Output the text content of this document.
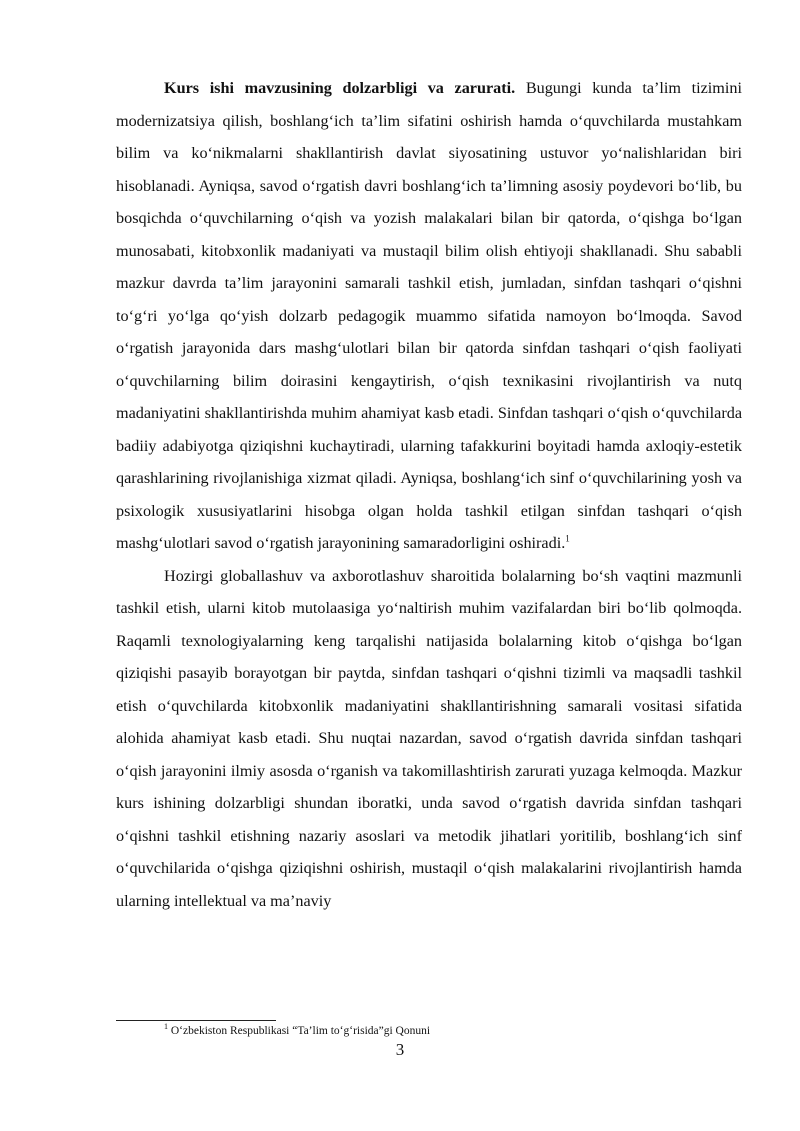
Kurs ishi mavzusining dolzarbligi va zarurati. Bugungi kunda ta’lim tizimini modernizatsiya qilish, boshlang‘ich ta’lim sifatini oshirish hamda o‘quvchilarda mustahkam bilim va ko‘nikmalarni shakllantirish davlat siyosatining ustuvor yo‘nalishlaridan biri hisoblanadi. Ayniqsa, savod o‘rgatish davri boshlang‘ich ta’limning asosiy poydevori bo‘lib, bu bosqichda o‘quvchilarning o‘qish va yozish malakalari bilan bir qatorda, o‘qishga bo‘lgan munosabati, kitobxonlik madaniyati va mustaqil bilim olish ehtiyoji shakllanadi. Shu sababli mazkur davrda ta’lim jarayonini samarali tashkil etish, jumladan, sinfdan tashqari o‘qishni to‘g‘ri yo‘lga qo‘yish dolzarb pedagogik muammo sifatida namoyon bo‘lmoqda. Savod o‘rgatish jarayonida dars mashg‘ulotlari bilan bir qatorda sinfdan tashqari o‘qish faoliyati o‘quvchilarning bilim doirasini kengaytirish, o‘qish texnikasini rivojlantirish va nutq madaniyatini shakllantirishda muhim ahamiyat kasb etadi. Sinfdan tashqari o‘qish o‘quvchilarda badiiy adabiyotga qiziqishni kuchaytiradi, ularning tafakkurini boyitadi hamda axloqiy-estetik qarashlarining rivojlanishiga xizmat qiladi. Ayniqsa, boshlang‘ich sinf o‘quvchilarining yosh va psixologik xususiyatlarini hisobga olgan holda tashkil etilgan sinfdan tashqari o‘qish mashg‘ulotlari savod o‘rgatish jarayonining samaradorligini oshiradi.$^1$

Hozirgi globallashuv va axborotlashuv sharoitida bolalarning bo‘sh vaqtini mazmunli tashkil etish, ularni kitob mutolaasiga yo‘naltirish muhim vazifalardan biri bo‘lib qolmoqda. Raqamli texnologiyalarning keng tarqalishi natijasida bolalarning kitob o‘qishga bo‘lgan qiziqishi pasayib borayotgan bir paytda, sinfdan tashqari o‘qishni tizimli va maqsadli tashkil etish o‘quvchilarda kitobxonlik madaniyatini shakllantirishning samarali vositasi sifatida alohida ahamiyat kasb etadi. Shu nuqtai nazardan, savod o‘rgatish davrida sinfdan tashqari o‘qish jarayonini ilmiy asosda o‘rganish va takomillashtirish zarurati yuzaga kelmoqda. Mazkur kurs ishining dolzarbligi shundan iboratki, unda savod o‘rgatish davrida sinfdan tashqari o‘qishni tashkil etishning nazariy asoslari va metodik jihatlari yoritilib, boshlang‘ich sinf o‘quvchilarida o‘qishga qiziqishni oshirish, mustaqil o‘qish malakalarini rivojlantirish hamda ularning intellektual va ma’naviy

$^1$ O‘zbekiston Respublikasi “Ta’lim to‘g‘risida”gi Qonuni
3
